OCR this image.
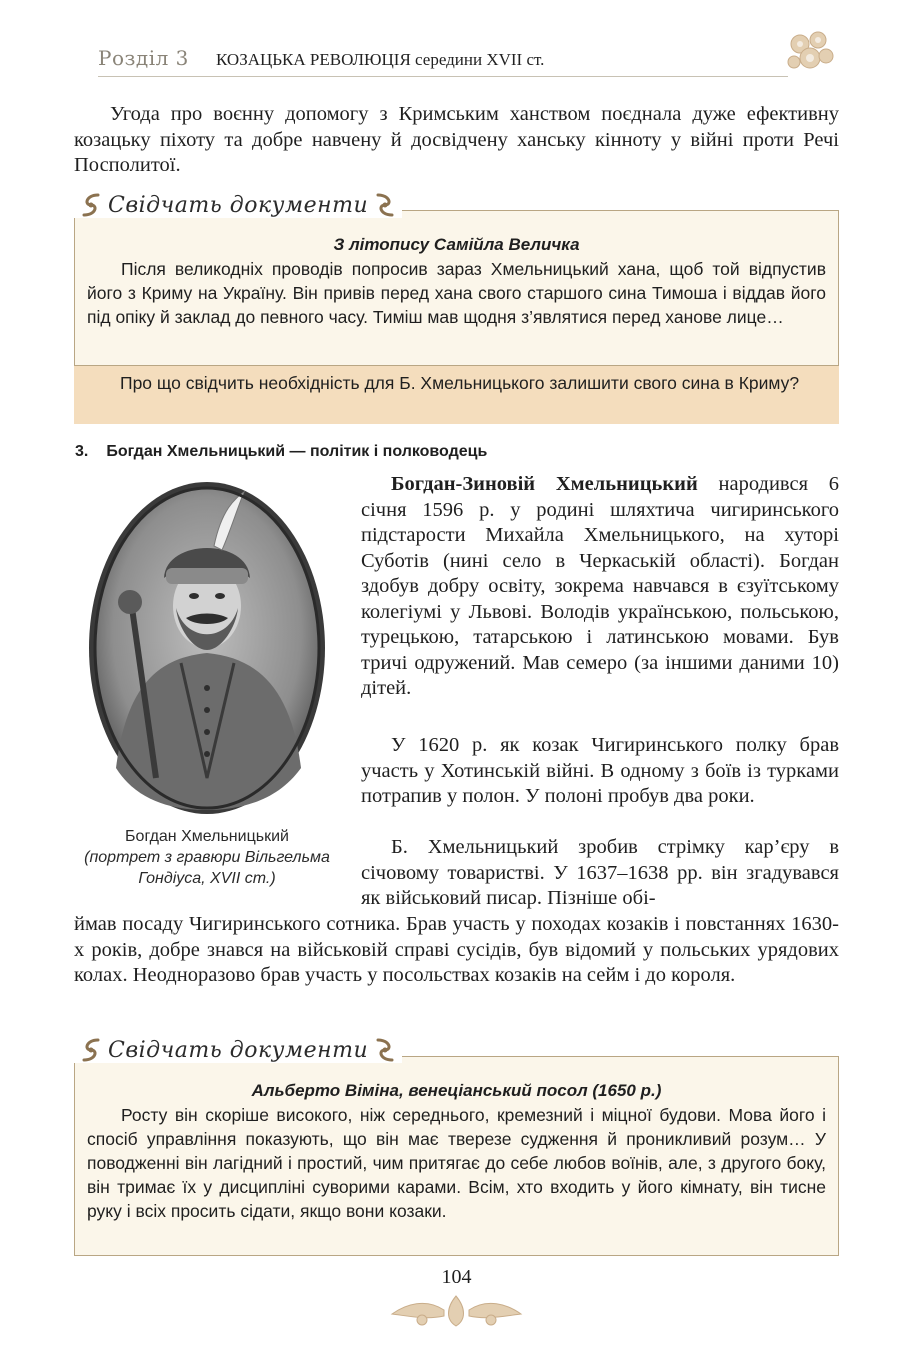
Розділ 3 КОЗАЦЬКА РЕВОЛЮЦІЯ середини XVII ст.
Угода про воєнну допомогу з Кримським ханством поєднала дуже ефективну козацьку піхоту та добре навчену й досвідчену ханську кінноту у війні проти Речі Посполитої.
З літопису Самійла Величка
Після великодніх проводів попросив зараз Хмельницький хана, щоб той відпустив його з Криму на Україну. Він привів перед хана свого старшого сина Тимоша і віддав його під опіку й заклад до певного часу. Тиміш мав щодня з’являтися перед ханове лице…
Свідчать документи
Про що свідчить необхідність для Б. Хмельницького залишити свого сина в Криму?
3. Богдан Хмельницький — політик і полководець
Богдан Хмельницький
(портрет з гравюри Вільгельма Гондіуса, XVII ст.)
Богдан-Зиновій Хмельницький народився 6 січня 1596 р. у родині шляхтича чигиринського підстарости Михайла Хмельницького, на хуторі Суботів (нині село в Черкаській області). Богдан здобув добру освіту, зокрема навчався в єзуїтському колегіумі у Львові. Володів українською, польською, турецькою, татарською і латинською мовами. Був тричі одружений. Мав семеро (за іншими даними 10) дітей.
У 1620 р. як козак Чигиринського полку брав участь у Хотинській війні. В одному з боїв із турками потрапив у полон. У полоні пробув два роки.
Б. Хмельницький зробив стрімку кар’єру в січовому товаристві. У 1637–1638 рр. він згадувався як військовий писар. Пізніше обі-
ймав посаду Чигиринського сотника. Брав участь у походах козаків і повстаннях 1630-х років, добре знався на військовій справі сусідів, був відомий у польських урядових колах. Неодноразово брав участь у посольствах козаків на сейм і до короля.
Альберто Віміна, венеціанський посол (1650 р.)
Росту він скоріше високого, ніж середнього, кремезний і міцної будови. Мова його і спосіб управління показують, що він має тверезе судження й проникливий розум… У поводженні він лагідний і простий, чим притягає до себе любов воїнів, але, з другого боку, він тримає їх у дисципліні суворими карами. Всім, хто входить у його кімнату, він тисне руку і всіх просить сідати, якщо вони козаки.
Свідчать документи
104
